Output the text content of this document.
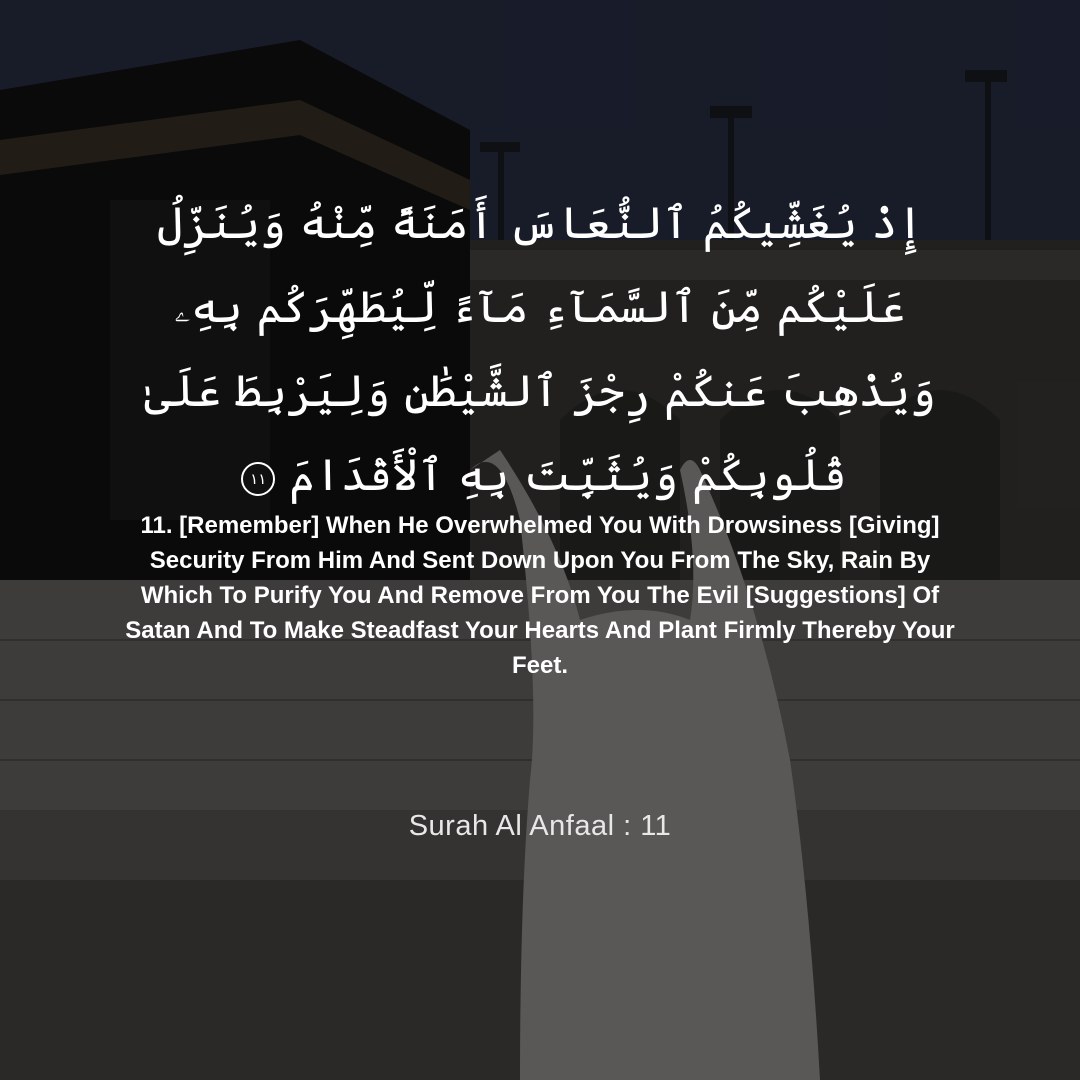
إِذْ يُغَشِّيكُمُ ٱلنُّعَاسَ أَمَنَةً مِّنْهُ وَيُنَزِّلُ عَلَيْكُم مِّنَ ٱلسَّمَآءِ مَآءً لِّيُطَهِّرَكُم بِهِۦ وَيُذْهِبَ عَنكُمْ رِجْزَ ٱلشَّيْطَٰنِ وَلِيَرْبِطَ عَلَىٰ قُلُوبِكُمْ وَيُثَبِّتَ بِهِ ٱلْأَقْدَامَ ١١
11. [Remember] When He Overwhelmed You With Drowsiness [Giving] Security From Him And Sent Down Upon You From The Sky, Rain By Which To Purify You And Remove From You The Evil [Suggestions] Of Satan And To Make Steadfast Your Hearts And Plant Firmly Thereby Your Feet.
Surah Al Anfaal : 11
